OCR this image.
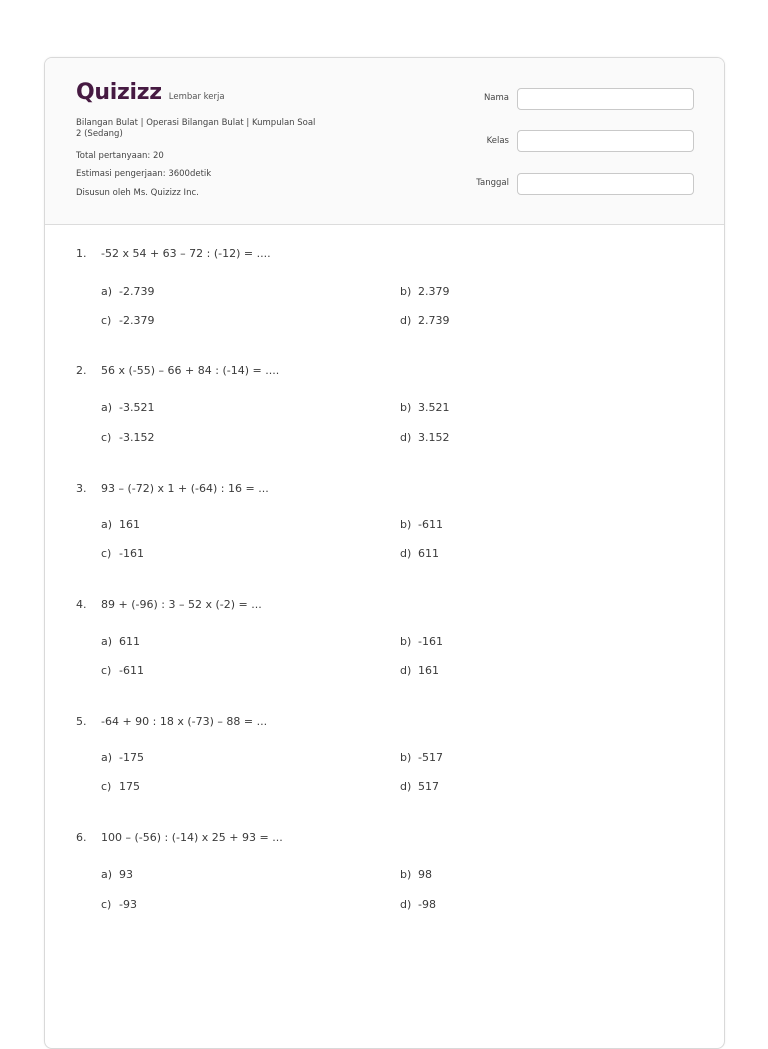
Quizizz Lembar kerja
Bilangan Bulat | Operasi Bilangan Bulat | Kumpulan Soal 2 (Sedang)
Total pertanyaan: 20
Estimasi pengerjaan: 3600detik
Disusun oleh Ms. Quizizz Inc.
Nama
Kelas
Tanggal
1. -52 x 54 + 63 – 72 : (-12) = ....
a) -2.739	b) 2.379
c) -2.379	d) 2.739
2. 56 x (-55) – 66 + 84 : (-14) = ....
a) -3.521	b) 3.521
c) -3.152	d) 3.152
3. 93 – (-72) x 1 + (-64) : 16 = ...
a) 161	b) -611
c) -161	d) 611
4. 89 + (-96) : 3 – 52 x (-2) = ...
a) 611	b) -161
c) -611	d) 161
5. -64 + 90 : 18 x (-73) – 88 = ...
a) -175	b) -517
c) 175	d) 517
6. 100 – (-56) : (-14) x 25 + 93 = ...
a) 93	b) 98
c) -93	d) -98
